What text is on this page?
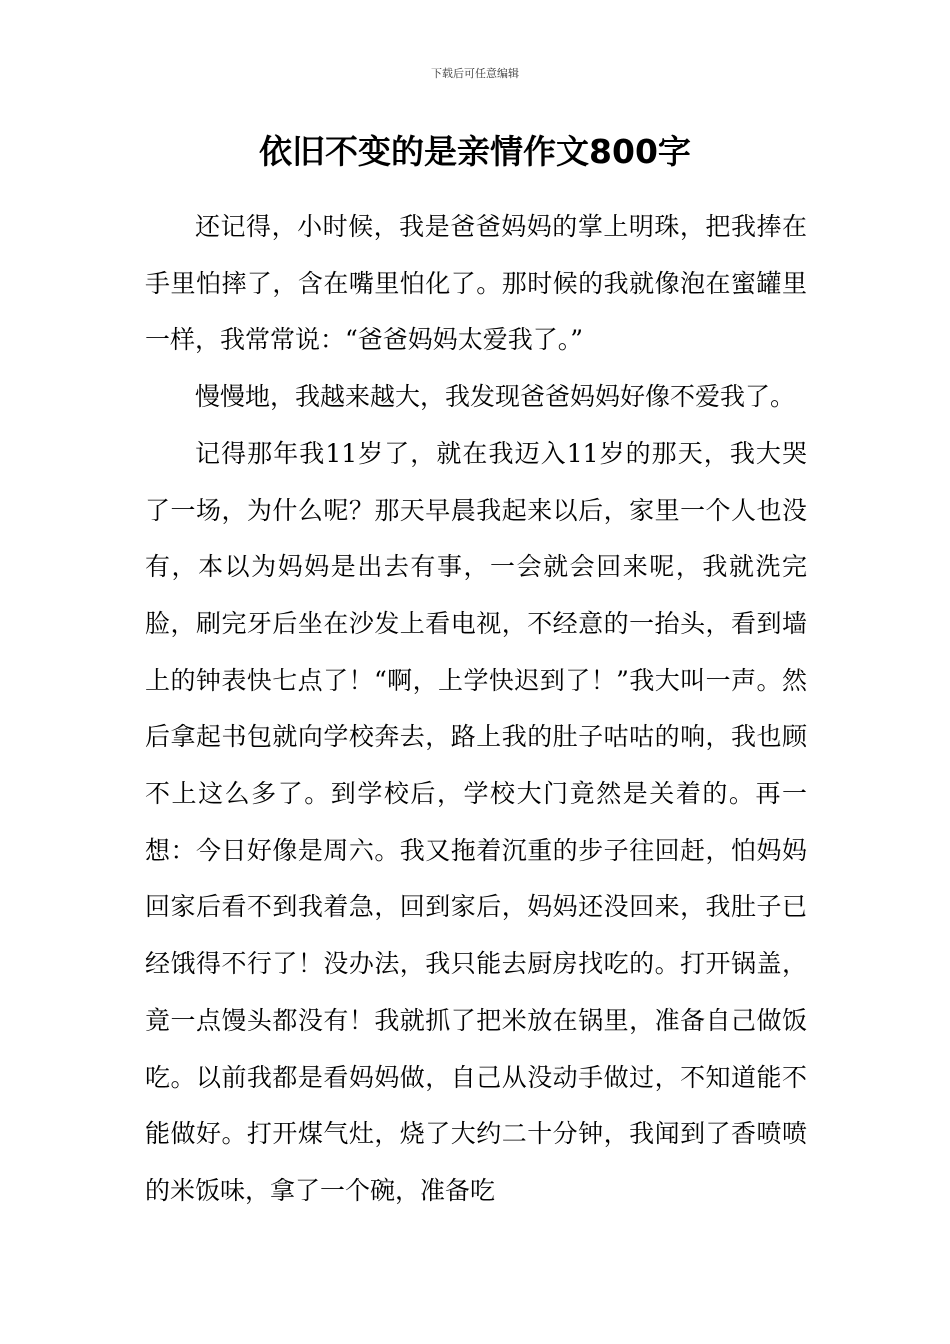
下载后可任意编辑
依旧不变的是亲情作文800字

还记得，小时候，我是爸爸妈妈的掌上明珠，把我捧在手里怕摔了，含在嘴里怕化了。那时候的我就像泡在蜜罐里一样，我常常说：“爸爸妈妈太爱我了。”

慢慢地，我越来越大，我发现爸爸妈妈好像不爱我了。

记得那年我11岁了，就在我迈入11岁的那天，我大哭了一场，为什么呢？那天早晨我起来以后，家里一个人也没有，本以为妈妈是出去有事，一会就会回来呢，我就洗完脸，刷完牙后坐在沙发上看电视，不经意的一抬头，看到墙上的钟表快七点了！“啊，上学快迟到了！”我大叫一声。然后拿起书包就向学校奔去，路上我的肚子咕咕的响，我也顾不上这么多了。到学校后，学校大门竟然是关着的。再一想：今日好像是周六。我又拖着沉重的步子往回赶，怕妈妈回家后看不到我着急，回到家后，妈妈还没回来，我肚子已经饿得不行了！没办法，我只能去厨房找吃的。打开锅盖，竟一点馒头都没有！我就抓了把米放在锅里，准备自己做饭吃。以前我都是看妈妈做，自己从没动手做过，不知道能不能做好。打开煤气灶，烧了大约二十分钟，我闻到了香喷喷的米饭味，拿了一个碗，准备吃
